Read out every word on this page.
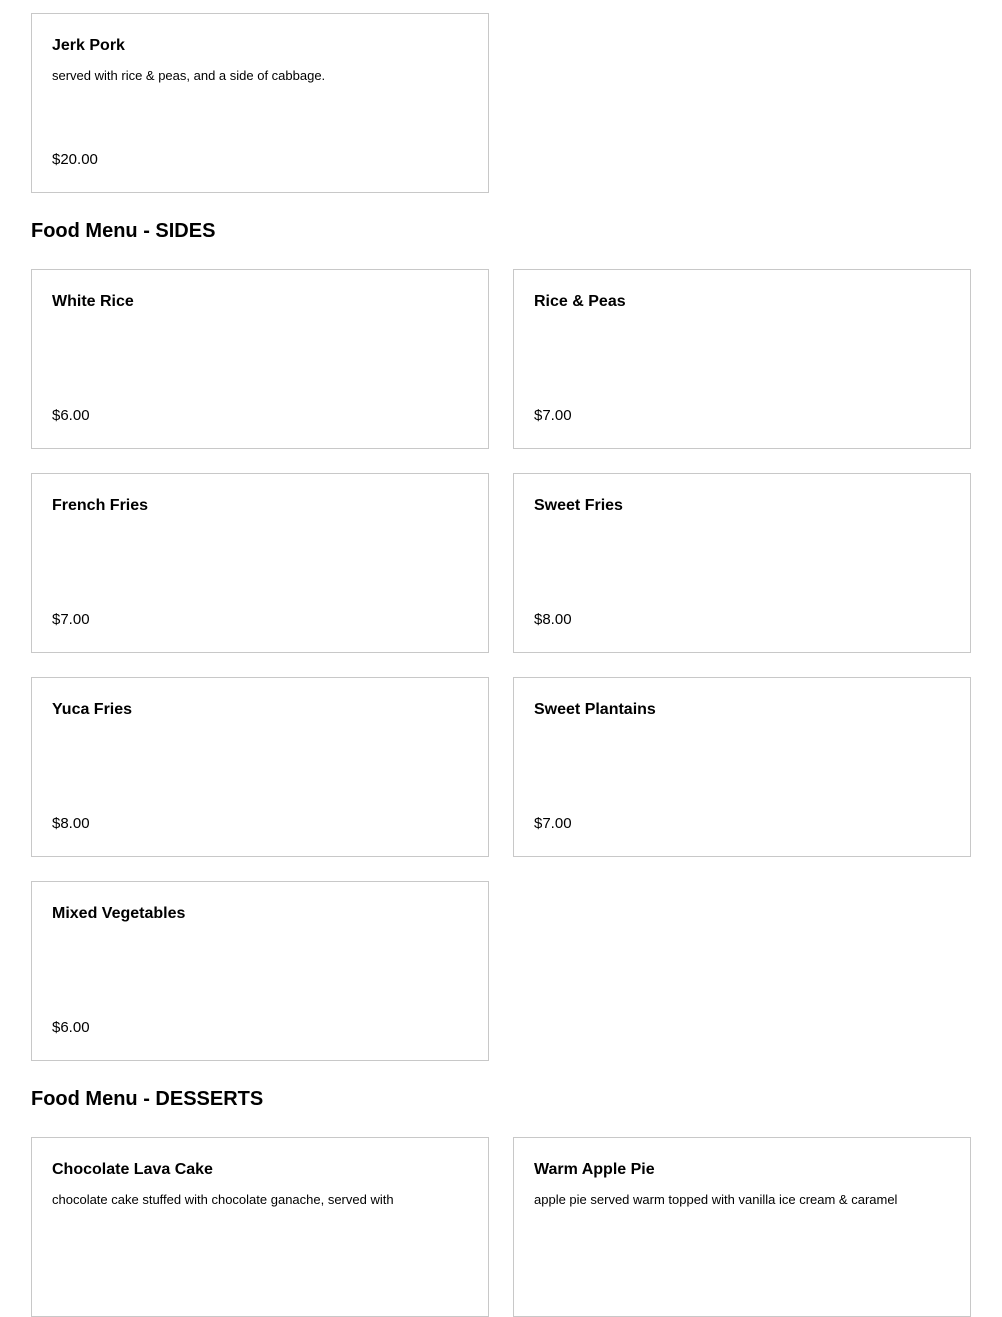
Jerk Pork
served with rice & peas, and a side of cabbage.
$20.00
Food Menu - SIDES
White Rice
$6.00
Rice & Peas
$7.00
French Fries
$7.00
Sweet Fries
$8.00
Yuca Fries
$8.00
Sweet Plantains
$7.00
Mixed Vegetables
$6.00
Food Menu - DESSERTS
Chocolate Lava Cake
chocolate cake stuffed with chocolate ganache, served with
Warm Apple Pie
apple pie served warm topped with vanilla ice cream & caramel
